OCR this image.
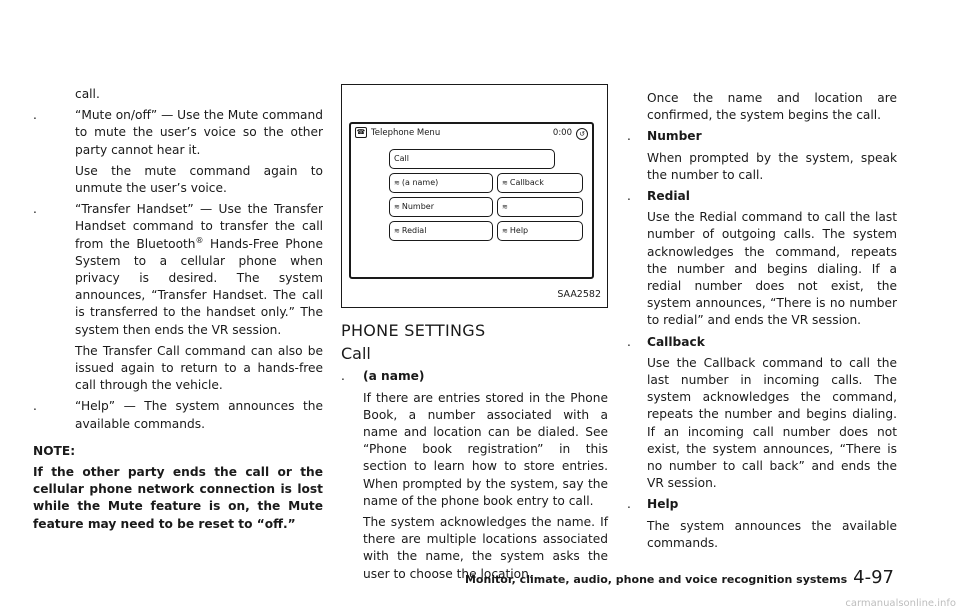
call.

.	“Mute on/off” — Use the Mute command to mute the user’s voice so the other party cannot hear it.

Use the mute command again to unmute the user’s voice.

.	“Transfer Handset” — Use the Transfer Handset command to transfer the call from the Bluetooth® Hands-Free Phone System to a cellular phone when privacy is desired. The system announces, “Transfer Handset. The call is transferred to the handset only.” The system then ends the VR session.

The Transfer Call command can also be issued again to return to a hands-free call through the vehicle.

.	“Help” — The system announces the available commands.

NOTE:

If the other party ends the call or the cellular phone network connection is lost while the Mute feature is on, the Mute feature may need to be reset to “off.”

☎ Telephone Menu	0:00	↺
Call
≋ (a name)	≋ Callback
≋ Number	≋
≋ Redial	≋ Help
SAA2582
PHONE SETTINGS
Call
. (a name)

If there are entries stored in the Phone Book, a number associated with a name and location can be dialed. See “Phone book registration” in this section to learn how to store entries. When prompted by the system, say the name of the phone book entry to call.

The system acknowledges the name. If there are multiple locations associated with the name, the system asks the user to choose the location.

Once the name and location are confirmed, the system begins the call.

. Number

When prompted by the system, speak the number to call.

. Redial

Use the Redial command to call the last number of outgoing calls. The system acknowledges the command, repeats the number and begins dialing. If a redial number does not exist, the system announces, “There is no number to redial” and ends the VR session.

. Callback

Use the Callback command to call the last number in incoming calls. The system acknowledges the command, repeats the number and begins dialing. If an incoming call number does not exist, the system announces, “There is no number to call back” and ends the VR session.

. Help

The system announces the available commands.

Monitor, climate, audio, phone and voice recognition systems 4-97
carmanualsonline.info
